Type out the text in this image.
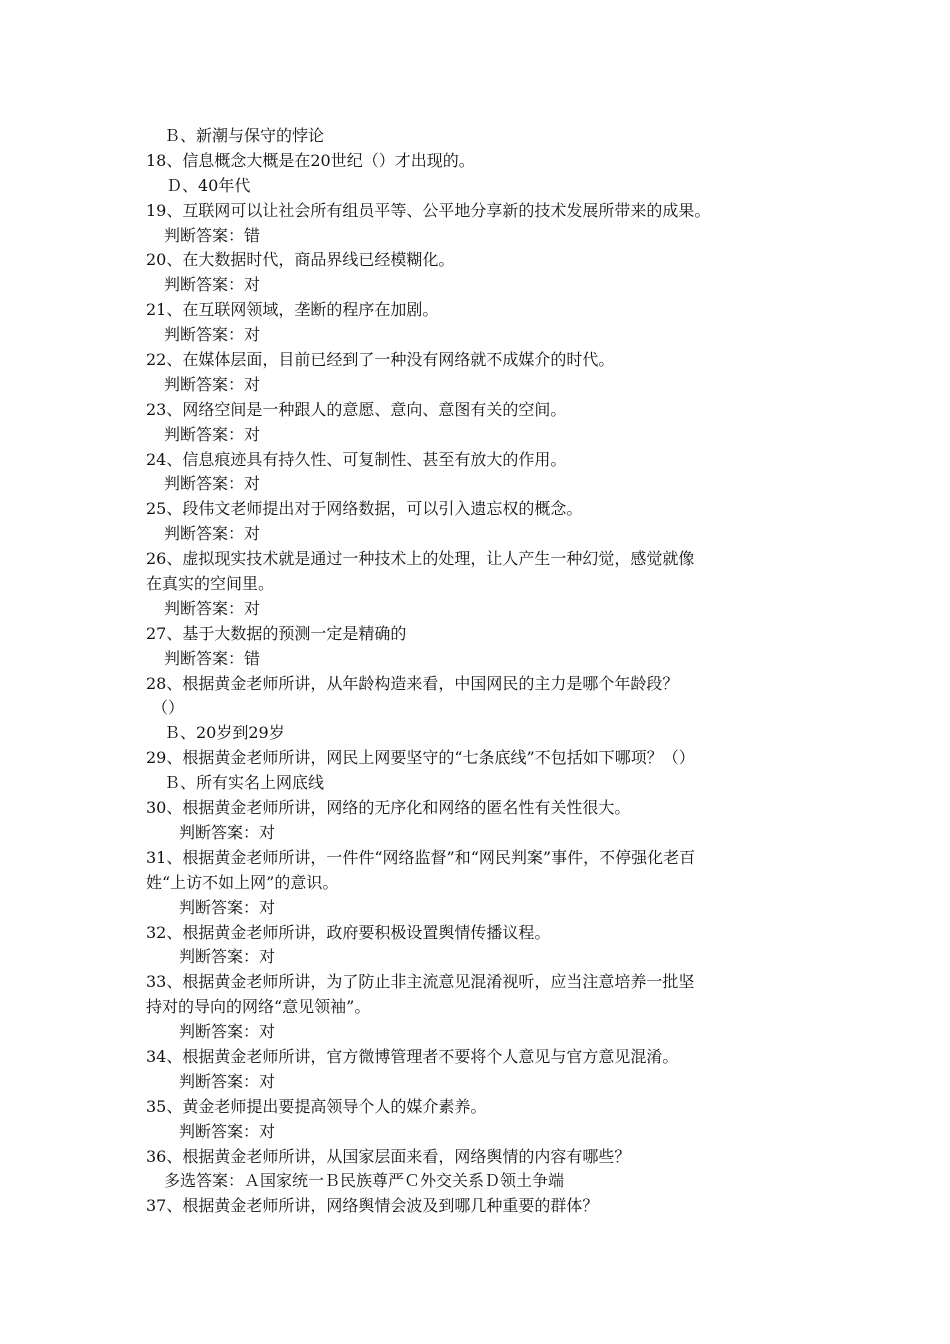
Ｂ、新潮与保守的悖论
18、信息概念大概是在20世纪（）才出现的。
Ｄ、40年代
19、互联网可以让社会所有组员平等、公平地分享新的技术发展所带来的成果。
判断答案：错
20、在大数据时代，商品界线已经模糊化。
判断答案：对
21、在互联网领域，垄断的程序在加剧。
判断答案：对
22、在媒体层面，目前已经到了一种没有网络就不成媒介的时代。
判断答案：对
23、网络空间是一种跟人的意愿、意向、意图有关的空间。
判断答案：对
24、信息痕迹具有持久性、可复制性、甚至有放大的作用。
判断答案：对
25、段伟文老师提出对于网络数据，可以引入遗忘权的概念。
判断答案：对
26、虚拟现实技术就是通过一种技术上的处理，让人产生一种幻觉，感觉就像
在真实的空间里。
判断答案：对
27、基于大数据的预测一定是精确的
判断答案：错
28、根据黄金老师所讲，从年龄构造来看，中国网民的主力是哪个年龄段？
（）
Ｂ、20岁到29岁
29、根据黄金老师所讲，网民上网要坚守的“七条底线”不包括如下哪项？（）
Ｂ、所有实名上网底线
30、根据黄金老师所讲，网络的无序化和网络的匿名性有关性很大。
判断答案：对
31、根据黄金老师所讲，一件件“网络监督”和“网民判案”事件，不停强化老百
姓“上访不如上网”的意识。
判断答案：对
32、根据黄金老师所讲，政府要积极设置舆情传播议程。
判断答案：对
33、根据黄金老师所讲，为了防止非主流意见混淆视听，应当注意培养一批坚
持对的导向的网络“意见领袖”。
判断答案：对
34、根据黄金老师所讲，官方微博管理者不要将个人意见与官方意见混淆。
判断答案：对
35、黄金老师提出要提高领导个人的媒介素养。
判断答案：对
36、根据黄金老师所讲，从国家层面来看，网络舆情的内容有哪些？
多选答案：Ａ国家统一Ｂ民族尊严Ｃ外交关系Ｄ领土争端
37、根据黄金老师所讲，网络舆情会波及到哪几种重要的群体？
